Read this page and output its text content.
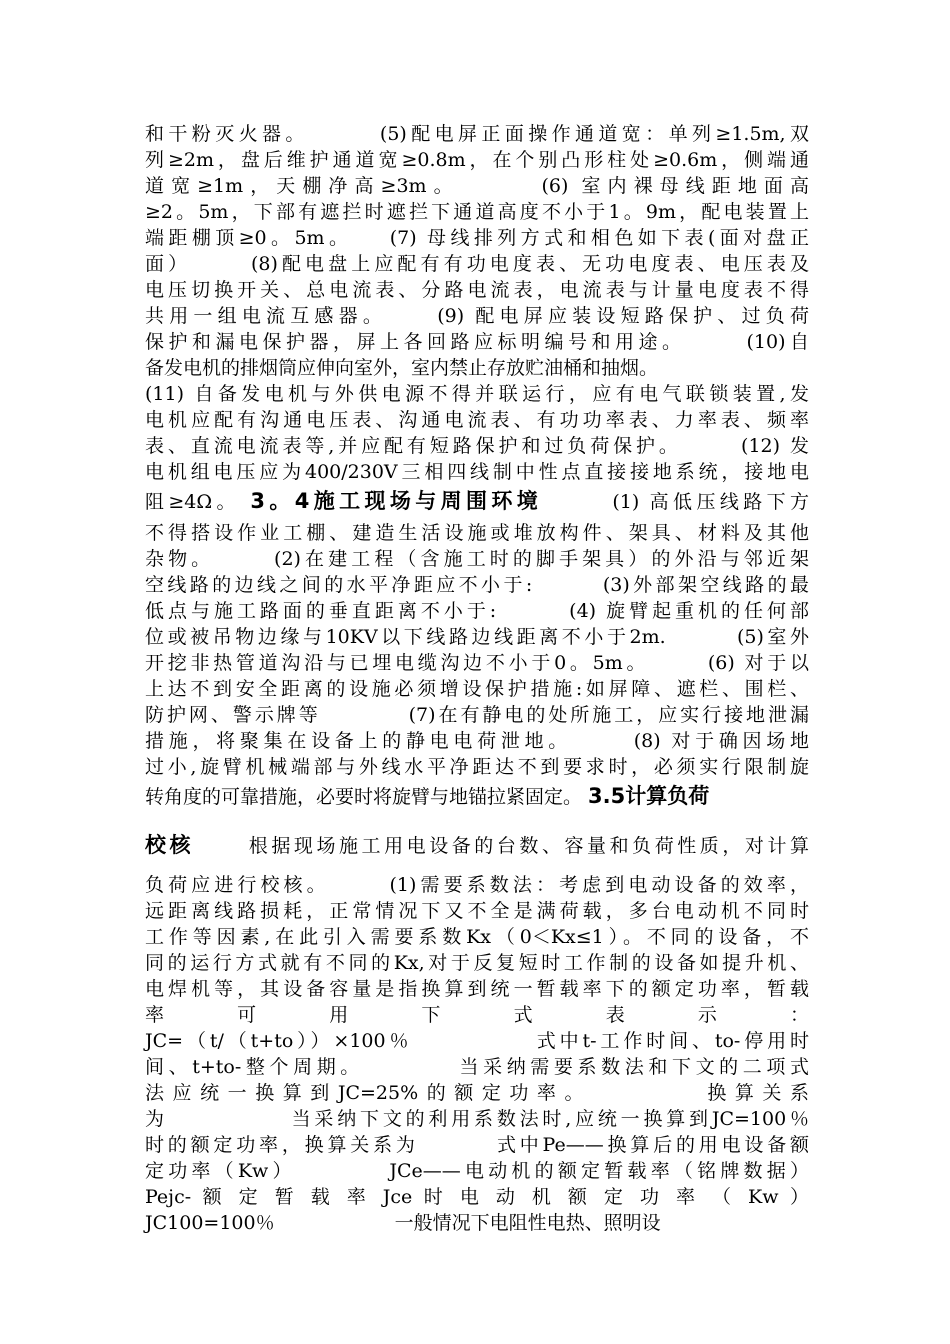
和干粉灭火器。　　　 (5)配电屏正面操作通道宽：单列≥1.5m,双
列≥2m，盘后维护通道宽≥0.8m，在个别凸形柱处≥0.6m，侧端通
道宽≥1m，天棚净高≥3m。　　　 (6) 室内裸母线距地面高
≥2。5m，下部有遮拦时遮拦下通道高度不小于1。9m，配电装置上
端距棚顶≥0。5m。　　(7) 母线排列方式和相色如下表(面对盘正
面）　　　(8)配电盘上应配有有功电度表、无功电度表、电压表及
电压切换开关、总电流表、分路电流表，电流表与计量电度表不得
共用一组电流互感器。　　 (9) 配电屏应装设短路保护、过负荷
保护和漏电保护器，屏上各回路应标明编号和用途。　　　(10)自
备发电机的排烟筒应伸向室外，室内禁止存放贮油桶和抽烟。
(11) 自备发电机与外供电源不得并联运行，应有电气联锁装置,发
电机应配有沟通电压表、沟通电流表、有功功率表、力率表、频率
表、直流电流表等,并应配有短路保护和过负荷保护。　　　(12) 发
电机组电压应为400/230V三相四线制中性点直接接地系统，接地电
阻≥4Ω。 3。4施工现场与周围环境　　　(1) 高低压线路下方
不得搭设作业工棚、建造生活设施或堆放构件、架具、材料及其他
杂物。　　　(2)在建工程（含施工时的脚手架具）的外沿与邻近架
空线路的边线之间的水平净距应不小于:　　　(3)外部架空线路的最
低点与施工路面的垂直距离不小于:　　　(4) 旋臂起重机的任何部
位或被吊物边缘与10KV以下线路边线距离不小于2m.　　　(5)室外
开挖非热管道沟沿与已埋电缆沟边不小于0。5m。　　　(6) 对于以
上达不到安全距离的设施必须增设保护措施:如屏障、遮栏、围栏、
防护网、警示牌等　　　　(7)在有静电的处所施工，应实行接地泄漏
措施，将聚集在设备上的静电电荷泄地。　　　(8) 对于确因场地
过小,旋臂机械端部与外线水平净距达不到要求时，必须实行限制旋
转角度的可靠措施，必要时将旋臂与地锚拉紧固定。 3.5计算负荷
校核　　 根据现场施工用电设备的台数、容量和负荷性质，对计算
负荷应进行校核。　　　(1)需要系数法：考虑到电动设备的效率，
远距离线路损耗，正常情况下又不全是满荷载，多台电动机不同时
工作等因素,在此引入需要系数Kx（0＜Kx≤1）。不同的设备，不
同的运行方式就有不同的Kx,对于反复短时工作制的设备如提升机、
电焊机等，其设备容量是指换算到统一暂载率下的额定功率，暂载
率　　可　　用　　下　　式　　表　　示　　：
JC=（t/（t+to））×100％　　　　　 式中t-工作时间、to-停用时
间、t+to-整个周期。　　　　 当采纳需要系数法和下文的二项式
法应统一换算到JC=25%的额定功率。　　　　 换算关系
为　　　　　 当采纳下文的利用系数法时,应统一换算到JC=100％
时的额定功率，换算关系为　　　 式中Pe——换算后的用电设备额
定功率（Kw）　　　　 JCe——电动机的额定暂载率（铭牌数据）
Pejc- 额 定 暂 载 率 Jce 时 电 动 机 额 定 功 率 （ Kw ）
JC100=100％　　　　　　 一般情况下电阻性电热、照明设
